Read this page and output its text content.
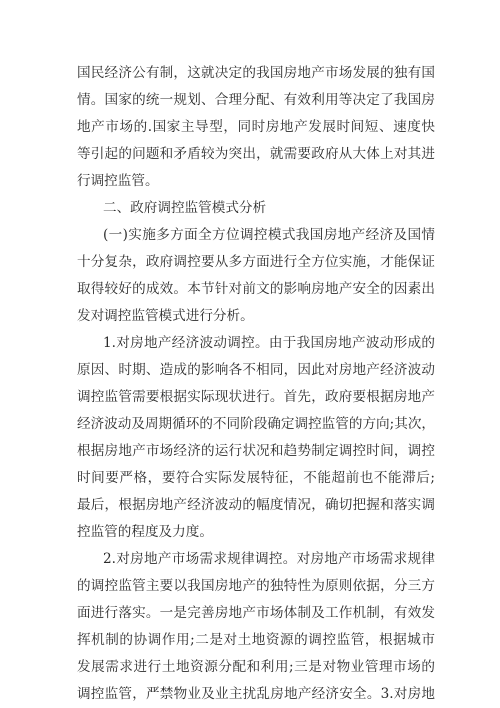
国民经济公有制，这就决定的我国房地产市场发展的独有国
情。国家的统一规划、合理分配、有效利用等决定了我国房
地产市场的.国家主导型，同时房地产发展时间短、速度快
等引起的问题和矛盾较为突出，就需要政府从大体上对其进
行调控监管。
二、政府调控监管模式分析
(一)实施多方面全方位调控模式我国房地产经济及国情
十分复杂，政府调控要从多方面进行全方位实施，才能保证
取得较好的成效。本节针对前文的影响房地产安全的因素出
发对调控监管模式进行分析。
1.对房地产经济波动调控。由于我国房地产波动形成的
原因、时期、造成的影响各不相同，因此对房地产经济波动
调控监管需要根据实际现状进行。首先，政府要根据房地产
经济波动及周期循环的不同阶段确定调控监管的方向;其次，
根据房地产市场经济的运行状况和趋势制定调控时间，调控
时间要严格，要符合实际发展特征，不能超前也不能滞后;
最后，根据房地产经济波动的幅度情况，确切把握和落实调
控监管的程度及力度。
2.对房地产市场需求规律调控。对房地产市场需求规律
的调控监管主要以我国房地产的独特性为原则依据，分三方
面进行落实。一是完善房地产市场体制及工作机制，有效发
挥机制的协调作用;二是对土地资源的调控监管，根据城市
发展需求进行土地资源分配和利用;三是对物业管理市场的
调控监管，严禁物业及业主扰乱房地产经济安全。3.对房地
